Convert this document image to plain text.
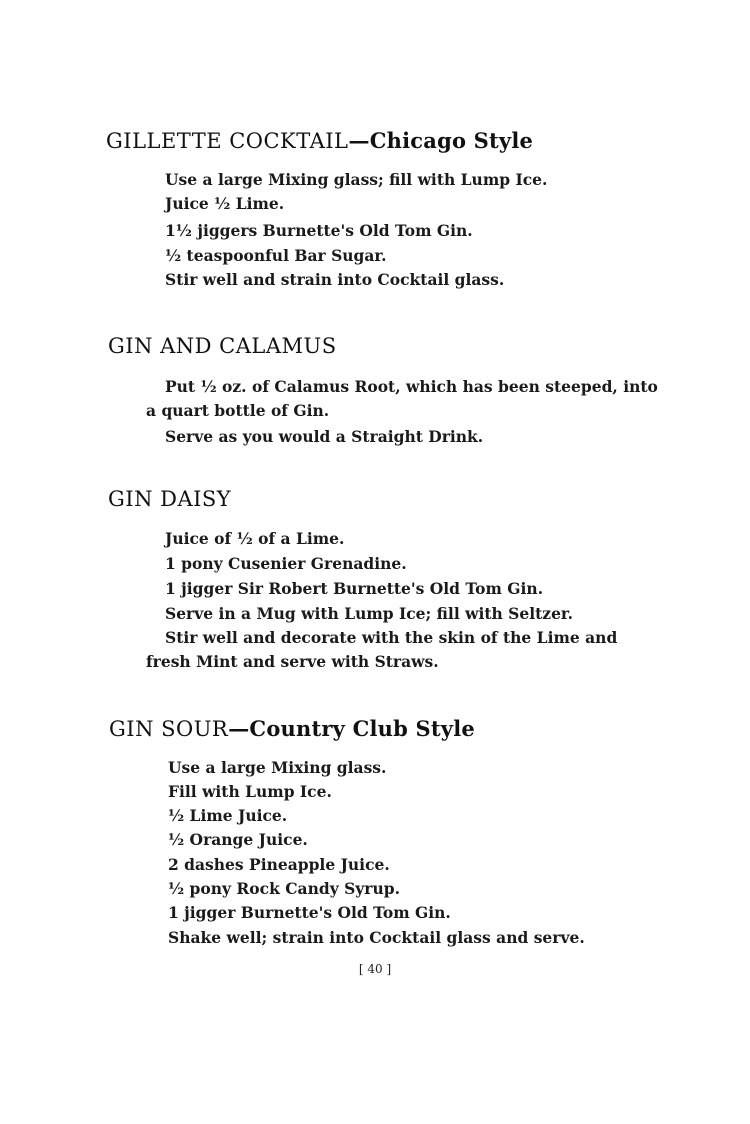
GILLETTE COCKTAIL—Chicago Style
Use a large Mixing glass; fill with Lump Ice.
Juice ½ Lime.
1½ jiggers Burnette's Old Tom Gin.
½ teaspoonful Bar Sugar.
Stir well and strain into Cocktail glass.
GIN AND CALAMUS
Put ½ oz. of Calamus Root, which has been steeped, into
a quart bottle of Gin.
Serve as you would a Straight Drink.
GIN DAISY
Juice of ½ of a Lime.
1 pony Cusenier Grenadine.
1 jigger Sir Robert Burnette's Old Tom Gin.
Serve in a Mug with Lump Ice; fill with Seltzer.
Stir well and decorate with the skin of the Lime and
fresh Mint and serve with Straws.
GIN SOUR—Country Club Style
Use a large Mixing glass.
Fill with Lump Ice.
½ Lime Juice.
½ Orange Juice.
2 dashes Pineapple Juice.
½ pony Rock Candy Syrup.
1 jigger Burnette's Old Tom Gin.
Shake well; strain into Cocktail glass and serve.
[ 40 ]
